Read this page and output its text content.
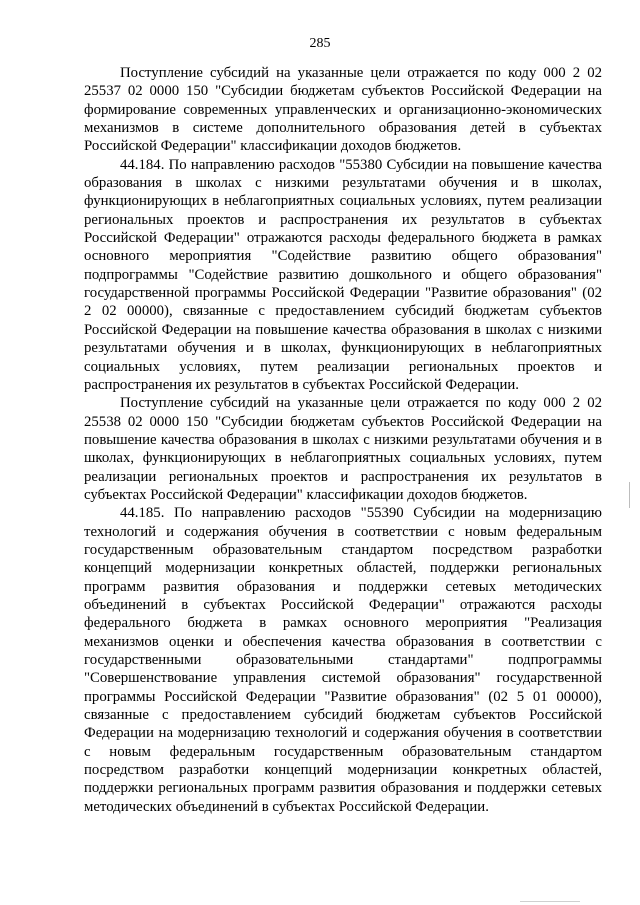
285

Поступление субсидий на указанные цели отражается по коду 000 2 02 25537 02 0000 150 "Субсидии бюджетам субъектов Российской Федерации на формирование современных управленческих и организационно-экономических механизмов в системе дополнительного образования детей в субъектах Российской Федерации" классификации доходов бюджетов.

44.184. По направлению расходов "55380 Субсидии на повышение качества образования в школах с низкими результатами обучения и в школах, функционирующих в неблагоприятных социальных условиях, путем реализации региональных проектов и распространения их результатов в субъектах Российской Федерации" отражаются расходы федерального бюджета в рамках основного мероприятия "Содействие развитию общего образования" подпрограммы "Содействие развитию дошкольного и общего образования" государственной программы Российской Федерации "Развитие образования" (02 2 02 00000), связанные с предоставлением субсидий бюджетам субъектов Российской Федерации на повышение качества образования в школах с низкими результатами обучения и в школах, функционирующих в неблагоприятных социальных условиях, путем реализации региональных проектов и распространения их результатов в субъектах Российской Федерации.

Поступление субсидий на указанные цели отражается по коду 000 2 02 25538 02 0000 150 "Субсидии бюджетам субъектов Российской Федерации на повышение качества образования в школах с низкими результатами обучения и в школах, функционирующих в неблагоприятных социальных условиях, путем реализации региональных проектов и распространения их результатов в субъектах Российской Федерации" классификации доходов бюджетов.

44.185. По направлению расходов "55390 Субсидии на модернизацию технологий и содержания обучения в соответствии с новым федеральным государственным образовательным стандартом посредством разработки концепций модернизации конкретных областей, поддержки региональных программ развития образования и поддержки сетевых методических объединений в субъектах Российской Федерации" отражаются расходы федерального бюджета в рамках основного мероприятия "Реализация механизмов оценки и обеспечения качества образования в соответствии с государственными образовательными стандартами" подпрограммы "Совершенствование управления системой образования" государственной программы Российской Федерации "Развитие образования" (02 5 01 00000), связанные с предоставлением субсидий бюджетам субъектов Российской Федерации на модернизацию технологий и содержания обучения в соответствии с новым федеральным государственным образовательным стандартом посредством разработки концепций модернизации конкретных областей, поддержки региональных программ развития образования и поддержки сетевых методических объединений в субъектах Российской Федерации.
